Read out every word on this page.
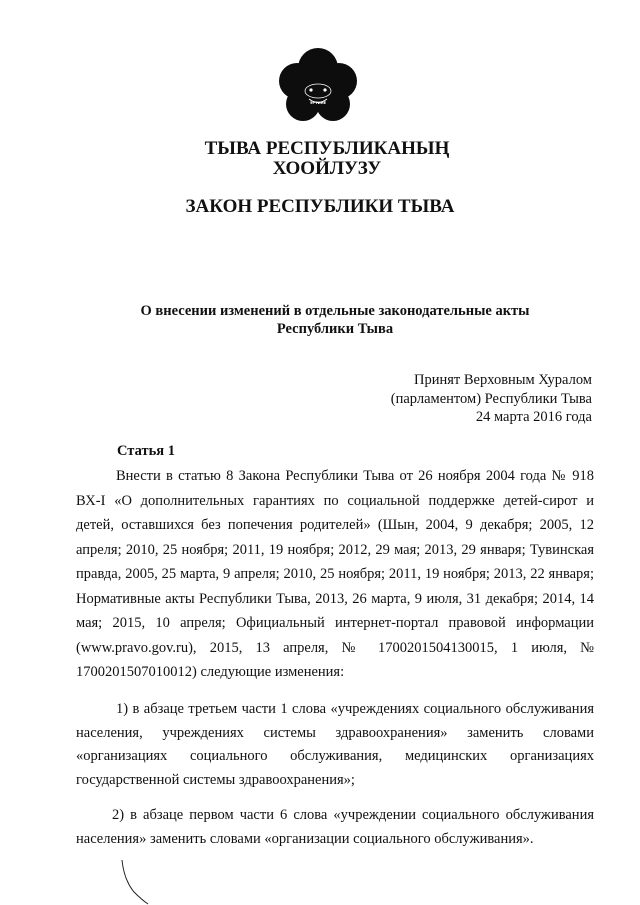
ЭРТИНЕ
ТЫВА РЕСПУБЛИКАНЫҢ
ХООЙЛУЗУ
ЗАКОН РЕСПУБЛИКИ ТЫВА
О внесении изменений в отдельные законодательные акты
Республики Тыва
Принят Верховным Хуралом
(парламентом) Республики Тыва
24 марта 2016 года
Статья 1
Внести в статью 8 Закона Республики Тыва от 26 ноября 2004 года № 918 ВХ-I «О дополнительных гарантиях по социальной поддержке детей-сирот и детей, оставшихся без попечения родителей» (Шын, 2004, 9 декабря; 2005, 12 апреля; 2010, 25 ноября; 2011, 19 ноября; 2012, 29 мая; 2013, 29 января; Тувинская правда, 2005, 25 марта, 9 апреля; 2010, 25 ноября; 2011, 19 ноября; 2013, 22 января; Нормативные акты Республики Тыва, 2013, 26 марта, 9 июля, 31 декабря; 2014, 14 мая; 2015, 10 апреля; Официальный интернет-портал правовой информации (www.pravo.gov.ru), 2015, 13 апреля, № 1700201504130015, 1 июля, № 1700201507010012) следующие изменения:
1) в абзаце третьем части 1 слова «учреждениях социального обслуживания населения, учреждениях системы здравоохранения» заменить словами «организациях социального обслуживания, медицинских организациях государственной системы здравоохранения»;
2) в абзаце первом части 6 слова «учреждении социального обслуживания населения» заменить словами «организации социального обслуживания».
